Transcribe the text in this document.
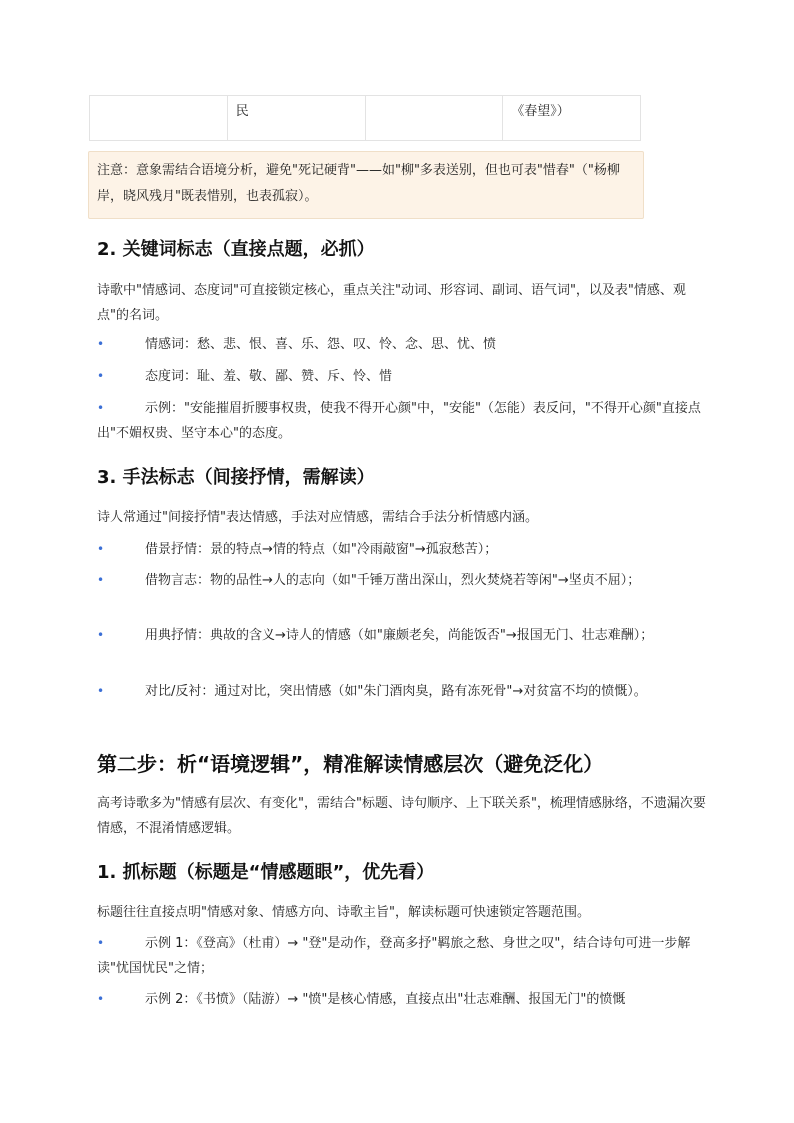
	民		《春望》）
注意：意象需结合语境分析，避免"死记硬背"——如"柳"多表送别，但也可表"惜春"（"杨柳岸，晓风残月"既表惜别，也表孤寂）。
2. 关键词标志（直接点题，必抓）
诗歌中"情感词、态度词"可直接锁定核心，重点关注"动词、形容词、副词、语气词"，以及表"情感、观点"的名词。
•	情感词：愁、悲、恨、喜、乐、怨、叹、怜、念、思、忧、愤
•	态度词：耻、羞、敬、鄙、赞、斥、怜、惜
•	示例："安能摧眉折腰事权贵，使我不得开心颜"中，"安能"（怎能）表反问，"不得开心颜"直接点出"不媚权贵、坚守本心"的态度。
3. 手法标志（间接抒情，需解读）
诗人常通过"间接抒情"表达情感，手法对应情感，需结合手法分析情感内涵。
•	借景抒情：景的特点→情的特点（如"冷雨敲窗"→孤寂愁苦）；
•	借物言志：物的品性→人的志向（如"千锤万凿出深山，烈火焚烧若等闲"→坚贞不屈）；
•	用典抒情：典故的含义→诗人的情感（如"廉颇老矣，尚能饭否"→报国无门、壮志难酬）；
•	对比/反衬：通过对比，突出情感（如"朱门酒肉臭，路有冻死骨"→对贫富不均的愤慨）。
第二步：析“语境逻辑”，精准解读情感层次（避免泛化）
高考诗歌多为"情感有层次、有变化"，需结合"标题、诗句顺序、上下联关系"，梳理情感脉络，不遗漏次要情感，不混淆情感逻辑。
1. 抓标题（标题是“情感题眼”，优先看）
标题往往直接点明"情感对象、情感方向、诗歌主旨"，解读标题可快速锁定答题范围。
•	示例 1：《登高》（杜甫）→ "登"是动作，登高多抒"羁旅之愁、身世之叹"，结合诗句可进一步解读"忧国忧民"之情；
•	示例 2：《书愤》（陆游）→ "愤"是核心情感，直接点出"壮志难酬、报国无门"的愤慨
